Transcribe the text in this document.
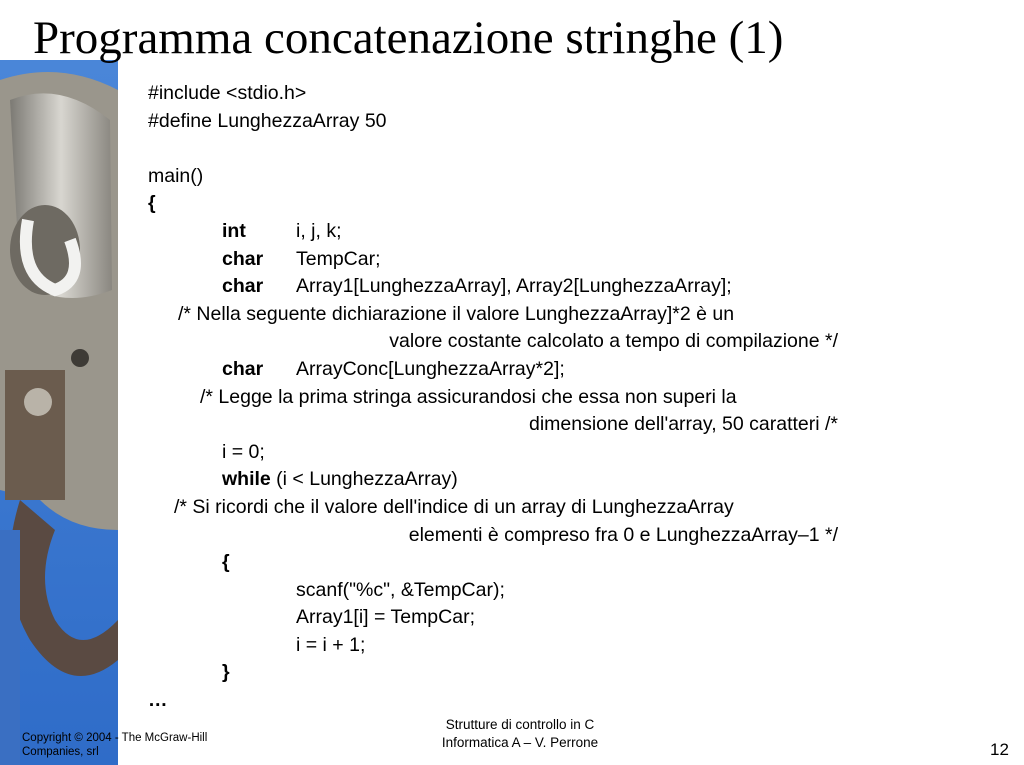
Programma concatenazione stringhe (1)
#include <stdio.h>
#define LunghezzaArray 50
main()
{
int	i, j, k;
char TempCar;
char Array1[LunghezzaArray], Array2[LunghezzaArray];
/* Nella seguente dichiarazione il valore LunghezzaArray]*2 è un
valore costante calcolato a tempo di compilazione */
char ArrayConc[LunghezzaArray*2];
/* Legge la prima stringa assicurandosi che essa non superi la
dimensione dell'array, 50 caratteri /*
i = 0;
while (i < LunghezzaArray)
/* Si ricordi che il valore dell'indice di un array di LunghezzaArray
elementi è compreso fra 0 e LunghezzaArray–1 */
{
scanf("%c", &TempCar);
Array1[i] = TempCar;
i = i + 1;
}
…
Copyright © 2004 - The McGraw-Hill Companies, srl
Strutture di controllo in C
Informatica A – V. Perrone	12
